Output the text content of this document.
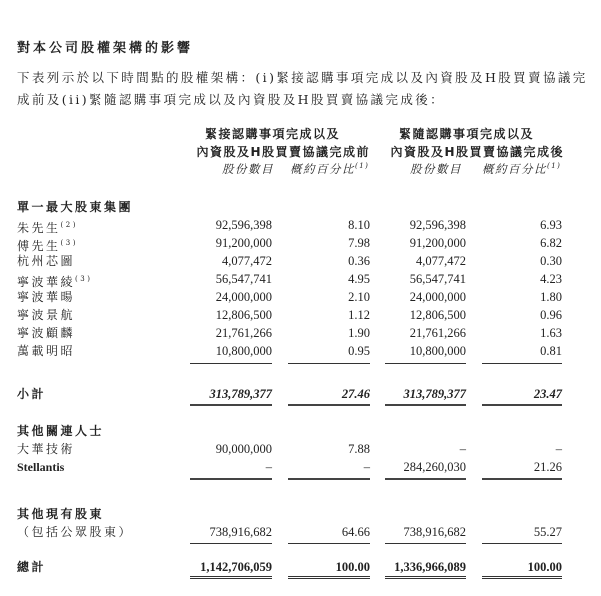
對本公司股權架構的影響
下表列示於以下時間點的股權架構：(i)緊接認購事項完成以及內資股及H股買賣協議完成前及(ii)緊隨認購事項完成以及內資股及H股買賣協議完成後：
緊接認購事項完成以及
內資股及H股買賣協議完成前
緊隨認購事項完成以及
內資股及H股買賣協議完成後
股份數目 概約百分比$^{(1)}$	股份數目 概約百分比$^{(1)}$
單一最大股東集團
朱先生$^{(2)}$	92,596,398	8.10	92,596,398	6.93
傅先生$^{(3)}$	91,200,000	7.98	91,200,000	6.82
杭州芯圖	4,077,472	0.36	4,077,472	0.30
寧波華綾$^{(3)}$	56,547,741	4.95	56,547,741	4.23
寧波華暘	24,000,000	2.10	24,000,000	1.80
寧波景航	12,806,500	1.12	12,806,500	0.96
寧波顧麟	21,761,266	1.90	21,761,266	1.63
萬載明昭	10,800,000	0.95	10,800,000	0.81
小計	313,789,377	27.46	313,789,377	23.47
大華技術	90,000,000	7.88	–	–
Stellantis	–	–	284,260,030	21.26
（包括公眾股東）	738,916,682	64.66	738,916,682	55.27
總計	1,142,706,059	100.00	1,336,966,089	100.00
其他關連人士
其他現有股東
